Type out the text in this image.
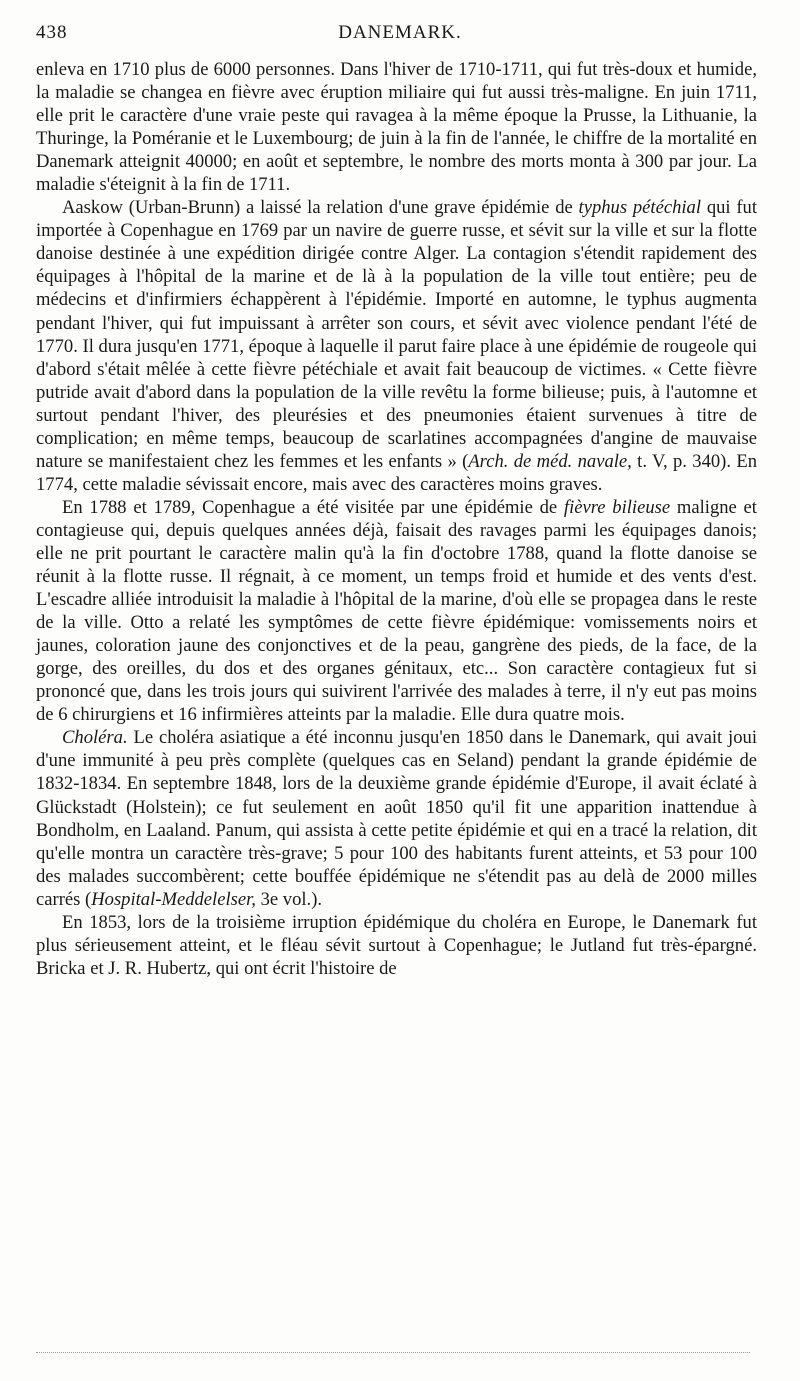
438	DANEMARK.

enleva en 1710 plus de 6000 personnes. Dans l'hiver de 1710-1711, qui fut très-doux et humide, la maladie se changea en fièvre avec éruption miliaire qui fut aussi très-maligne. En juin 1711, elle prit le caractère d'une vraie peste qui ravagea à la même époque la Prusse, la Lithuanie, la Thuringe, la Poméranie et le Luxembourg; de juin à la fin de l'année, le chiffre de la mortalité en Danemark atteignit 40000; en août et septembre, le nombre des morts monta à 300 par jour. La maladie s'éteignit à la fin de 1711.

Aaskow (Urban-Brunn) a laissé la relation d'une grave épidémie de typhus pétéchial qui fut importée à Copenhague en 1769 par un navire de guerre russe, et sévit sur la ville et sur la flotte danoise destinée à une expédition dirigée contre Alger. La contagion s'étendit rapidement des équipages à l'hôpital de la marine et de là à la population de la ville tout entière; peu de médecins et d'infirmiers échappèrent à l'épidémie. Importé en automne, le typhus augmenta pendant l'hiver, qui fut impuissant à arrêter son cours, et sévit avec violence pendant l'été de 1770. Il dura jusqu'en 1771, époque à laquelle il parut faire place à une épidémie de rougeole qui d'abord s'était mêlée à cette fièvre pétéchiale et avait fait beaucoup de victimes. « Cette fièvre putride avait d'abord dans la population de la ville revêtu la forme bilieuse; puis, à l'automne et surtout pendant l'hiver, des pleurésies et des pneumonies étaient survenues à titre de complication; en même temps, beaucoup de scarlatines accompagnées d'angine de mauvaise nature se manifestaient chez les femmes et les enfants » (Arch. de méd. navale, t. V, p. 340). En 1774, cette maladie sévissait encore, mais avec des caractères moins graves.

En 1788 et 1789, Copenhague a été visitée par une épidémie de fièvre bilieuse maligne et contagieuse qui, depuis quelques années déjà, faisait des ravages parmi les équipages danois; elle ne prit pourtant le caractère malin qu'à la fin d'octobre 1788, quand la flotte danoise se réunit à la flotte russe. Il régnait, à ce moment, un temps froid et humide et des vents d'est. L'escadre alliée introduisit la maladie à l'hôpital de la marine, d'où elle se propagea dans le reste de la ville. Otto a relaté les symptômes de cette fièvre épidémique: vomissements noirs et jaunes, coloration jaune des conjonctives et de la peau, gangrène des pieds, de la face, de la gorge, des oreilles, du dos et des organes génitaux, etc... Son caractère contagieux fut si prononcé que, dans les trois jours qui suivirent l'arrivée des malades à terre, il n'y eut pas moins de 6 chirurgiens et 16 infirmières atteints par la maladie. Elle dura quatre mois.

Choléra. Le choléra asiatique a été inconnu jusqu'en 1850 dans le Danemark, qui avait joui d'une immunité à peu près complète (quelques cas en Seland) pendant la grande épidémie de 1832-1834. En septembre 1848, lors de la deuxième grande épidémie d'Europe, il avait éclaté à Glückstadt (Holstein); ce fut seulement en août 1850 qu'il fit une apparition inattendue à Bondholm, en Laaland. Panum, qui assista à cette petite épidémie et qui en a tracé la relation, dit qu'elle montra un caractère très-grave; 5 pour 100 des habitants furent atteints, et 53 pour 100 des malades succombèrent; cette bouffée épidémique ne s'étendit pas au delà de 2000 milles carrés (Hospital-Meddelelser, 3e vol.).

En 1853, lors de la troisième irruption épidémique du choléra en Europe, le Danemark fut plus sérieusement atteint, et le fléau sévit surtout à Copenhague; le Jutland fut très-épargné. Bricka et J. R. Hubertz, qui ont écrit l'histoire de
